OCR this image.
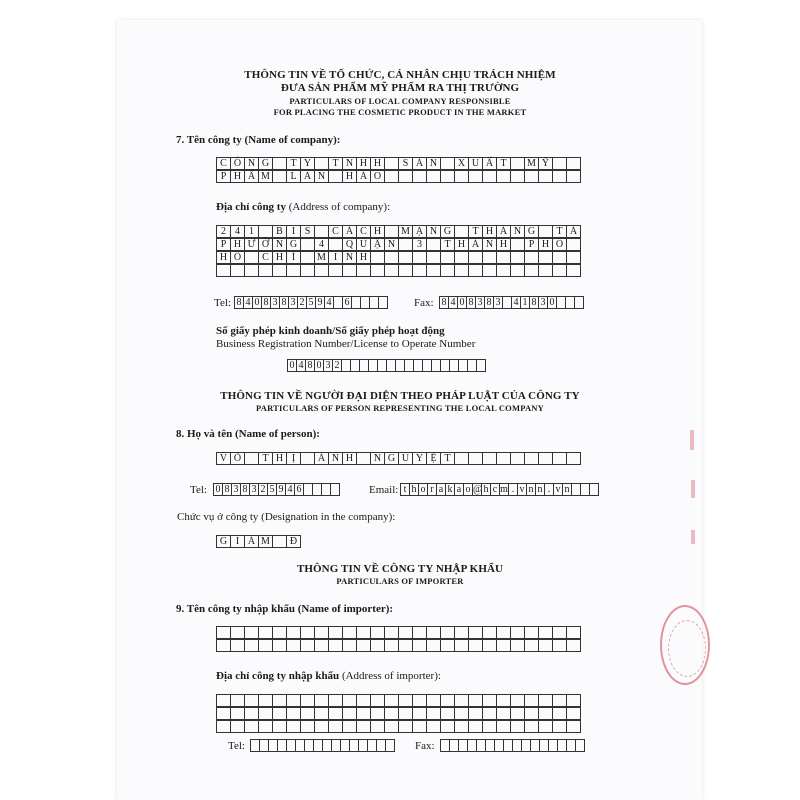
THÔNG TIN VỀ TỔ CHỨC, CÁ NHÂN CHỊU TRÁCH NHIỆM
ĐƯA SẢN PHẨM MỸ PHẨM RA THỊ TRƯỜNG
PARTICULARS OF LOCAL COMPANY RESPONSIBLE
FOR PLACING THE COSMETIC PRODUCT IN THE MARKET
7. Tên công ty (Name of company):
C Ô N G	T Y	T N H H	S Ả N	X U Ấ T	M Ỹ
P H Ẩ M	L A N	H Ả O
Địa chỉ công ty (Address of company):
2 4 1	B I S	C Á C H	M Ạ N G	T H Á N G	T Á
P H Ư Ờ N G	4	Q U Ậ N	3	T H À N H	P H Ố
H Ồ	C H Í	M I N H
Tel: 8 4 0 8 3 8 3 2 5 9 4 6	Fax: 8 4 0 8 3 8 3 4 1 8 3 0
Số giấy phép kinh doanh/Số giấy phép hoạt động
Business Registration Number/License to Operate Number
0 4 8 0 3 2
THÔNG TIN VỀ NGƯỜI ĐẠI DIỆN THEO PHÁP LUẬT CỦA CÔNG TY
PARTICULARS OF PERSON REPRESENTING THE LOCAL COMPANY
8. Họ và tên (Name of person):
V Õ	T H Ị	Á N H	N G U Y Ệ T
Tel: 0 8 3 8 3 2 5 9 4 6	Email: t h o r a k a o @ h c m . v n n . v n
Chức vụ ở công ty (Designation in the company):
G I Á M	Đ
THÔNG TIN VỀ CÔNG TY NHẬP KHẨU
PARTICULARS OF IMPORTER
9. Tên công ty nhập khẩu (Name of importer):
Địa chỉ công ty nhập khẩu (Address of importer):
Tel:	Fax:
